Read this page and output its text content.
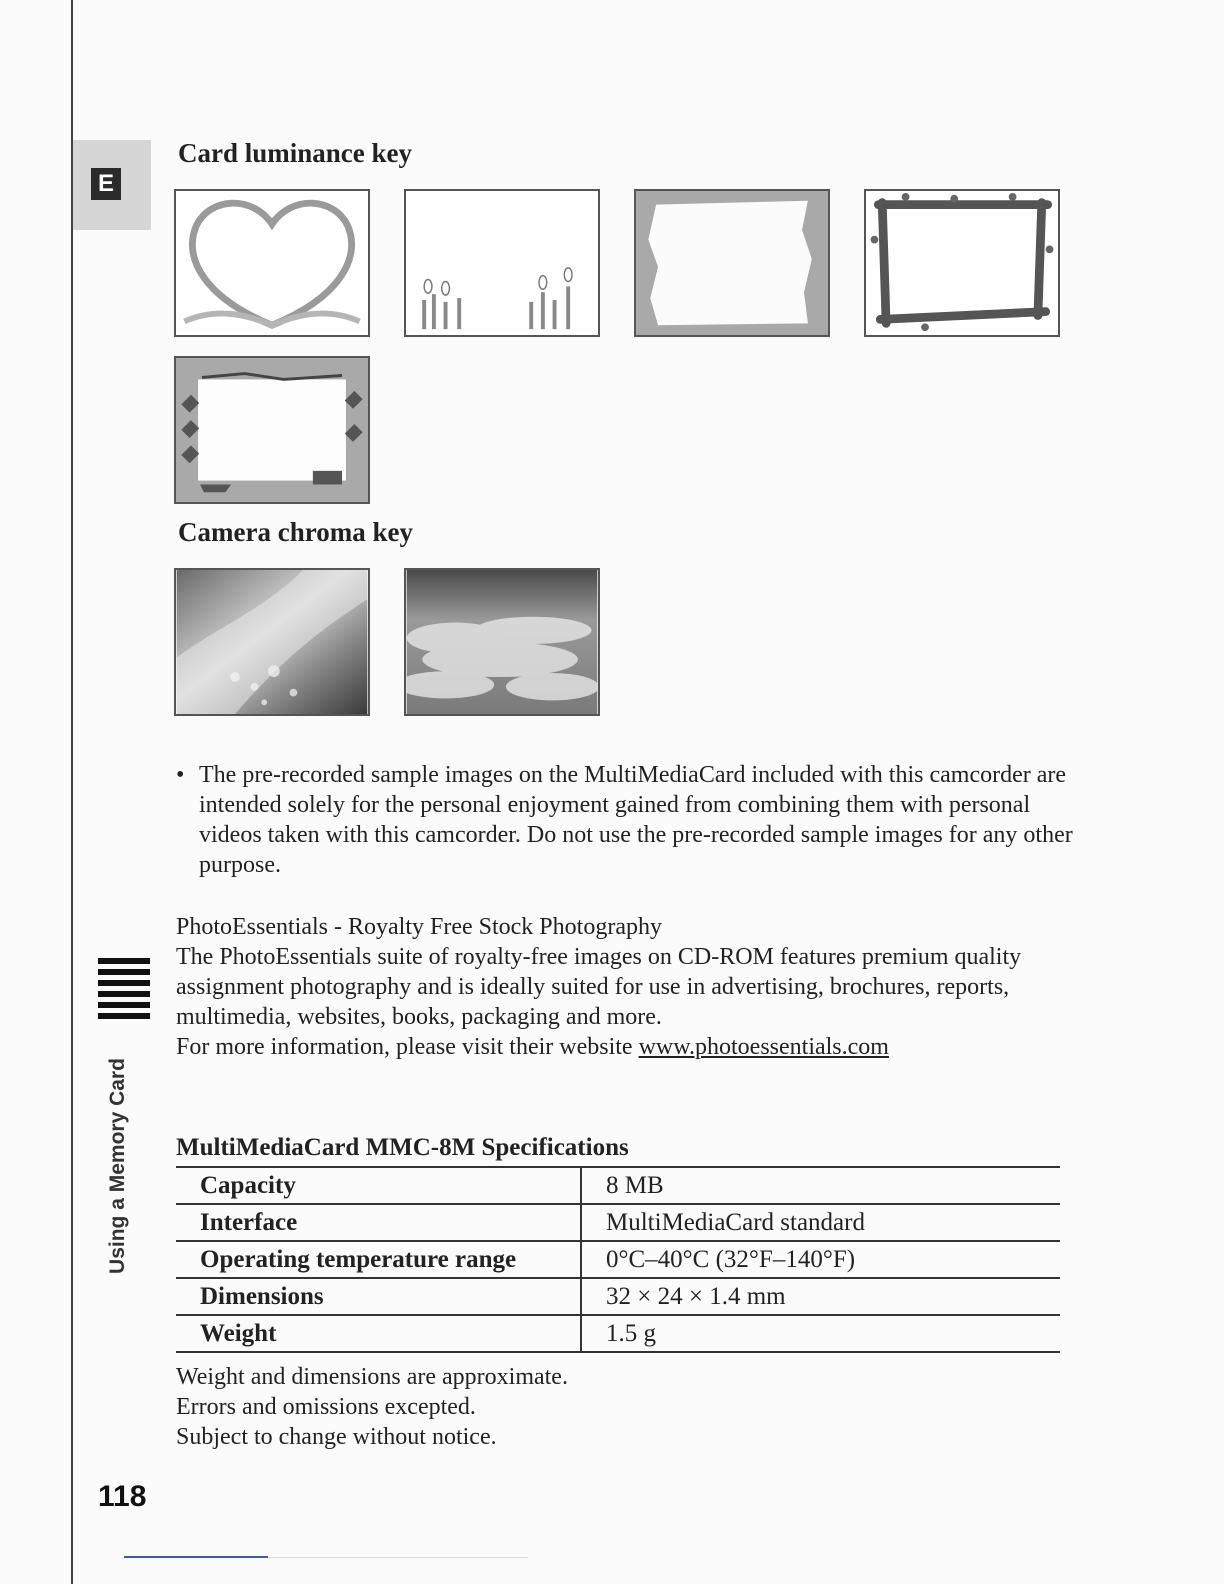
E
Using a Memory Card
118
Card luminance key
Camera chroma key
• The pre-recorded sample images on the MultiMediaCard included with this camcorder are intended solely for the personal enjoyment gained from combining them with personal videos taken with this camcorder. Do not use the pre-recorded sample images for any other purpose.

PhotoEssentials - Royalty Free Stock Photography

The PhotoEssentials suite of royalty-free images on CD-ROM features premium quality assignment photography and is ideally suited for use in advertising, brochures, reports, multimedia, websites, books, packaging and more.

For more information, please visit their website www.photoessentials.com

MultiMediaCard MMC-8M Specifications
Capacity	8 MB
Interface	MultiMediaCard standard
Operating temperature range	0°C–40°C (32°F–140°F)
Dimensions	32 × 24 × 1.4 mm
Weight	1.5 g

Weight and dimensions are approximate.

Errors and omissions excepted.

Subject to change without notice.
